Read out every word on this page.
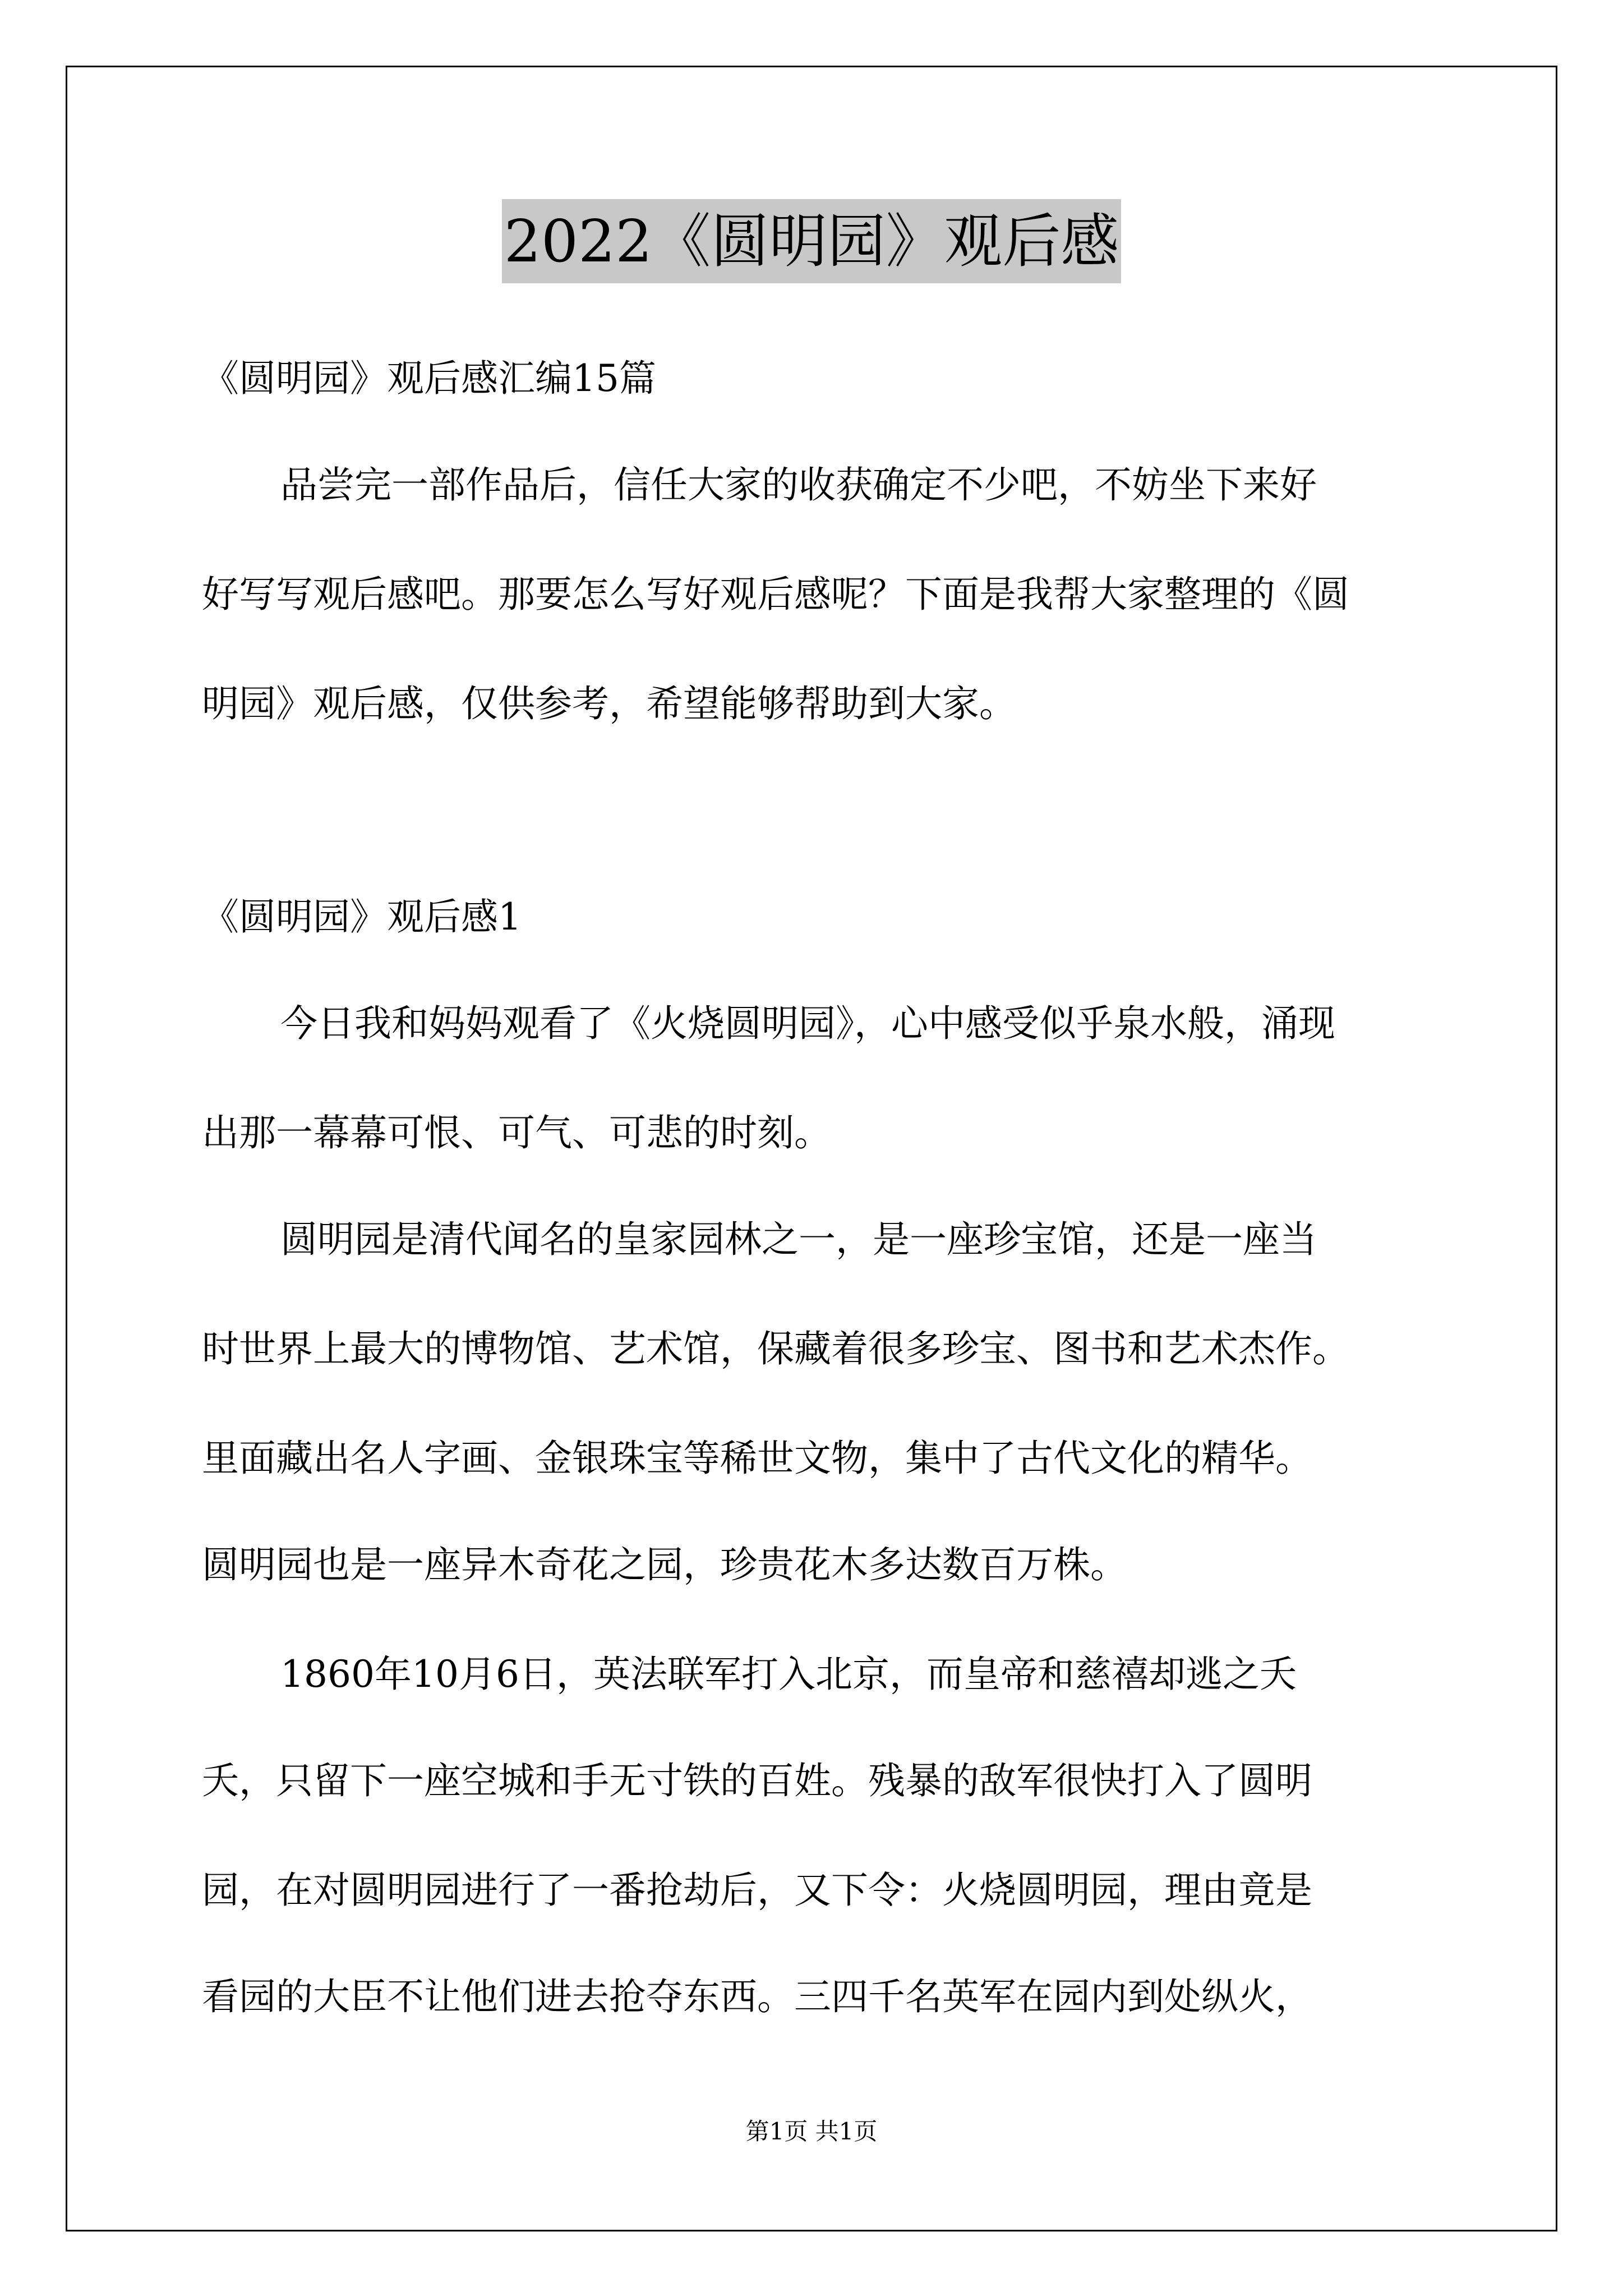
2022《圆明园》观后感
《圆明园》观后感汇编15篇
品尝完一部作品后，信任大家的收获确定不少吧，不妨坐下来好
好写写观后感吧。那要怎么写好观后感呢？下面是我帮大家整理的《圆
明园》观后感，仅供参考，希望能够帮助到大家。
《圆明园》观后感1
今日我和妈妈观看了《火烧圆明园》，心中感受似乎泉水般，涌现
出那一幕幕可恨、可气、可悲的时刻。
圆明园是清代闻名的皇家园林之一，是一座珍宝馆，还是一座当
时世界上最大的博物馆、艺术馆，保藏着很多珍宝、图书和艺术杰作。
里面藏出名人字画、金银珠宝等稀世文物，集中了古代文化的精华。
圆明园也是一座异木奇花之园，珍贵花木多达数百万株。
1860年10月6日，英法联军打入北京，而皇帝和慈禧却逃之夭
夭，只留下一座空城和手无寸铁的百姓。残暴的敌军很快打入了圆明
园，在对圆明园进行了一番抢劫后，又下令：火烧圆明园，理由竟是
看园的大臣不让他们进去抢夺东西。三四千名英军在园内到处纵火，
第1页 共1页
